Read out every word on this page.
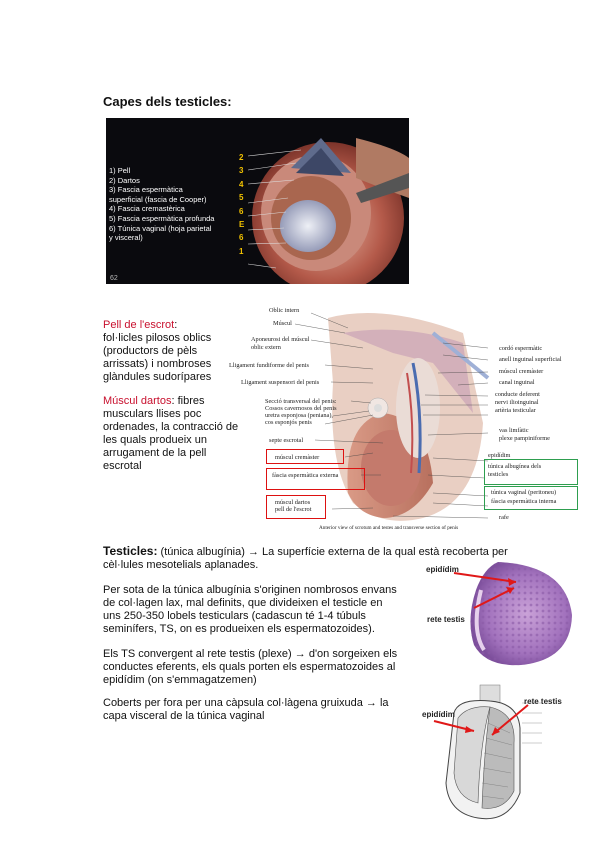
Capes dels testicles:
1) Pell
2) Dartos
3) Fascia espermàtica
superficial (fascia de Cooper)
4) Fascia cremastèrica
5) Fascia espermàtica profunda
6) Túnica vaginal (hoja parietal
y visceral)
2
3
4
5
6
E
6
1
62
Pell de l'escrot:
fol·licles pilosos oblics (productors de pèls arrissats) i nombroses glàndules sudorípares
Múscul dartos: fibres musculars llises poc ordenades, la contracció de les quals produeix un arrugament de la pell escrotal
Oblic intern
Múscul
Aponeurosi del múscul
oblic extern
Lligament fundiforme del penis
Lligament suspensori del penis
Secció transversal del penis:
Cossos cavernosos del penis
uretra esponjosa (peniana),
cos esponjós penis
septe escrotal
múscul cremàster
fàscia espermàtica externa
múscul dartos
pell de l'escrot
cordó espermàtic
anell inguinal superficial
múscul cremàster
canal inguinal
conducte deferent
nervi ilioinguinal
artèria testicular
vas limfàtic
plexe pampiniforme
epidídim
túnica albugínea dels
testicles
túnica vaginal (peritoneu)
fàscia espermàtica interna
rafe
Anterior view of scrotum and testes and transverse section of penis
Testicles: (túnica albugínia) → La superfície externa de la qual està recoberta per cèl·lules mesotelials aplanades.
Per sota de la túnica albugínia s'originen nombrosos envans de col·lagen lax, mal definits, que divideixen el testicle en uns 250-350 lobels testiculars (cadascun té 1-4 túbuls seminífers, TS, on es produeixen els espermatozoides).
Els TS convergent al rete testis (plexe) → d'on sorgeixen els conductes eferents, els quals porten els espermatozoides al epidídim (on s'emmagatzemen)
Coberts per fora per una càpsula col·làgena gruixuda → la capa visceral de la túnica vaginal
epidídim
rete testis
epidídim
rete testis
